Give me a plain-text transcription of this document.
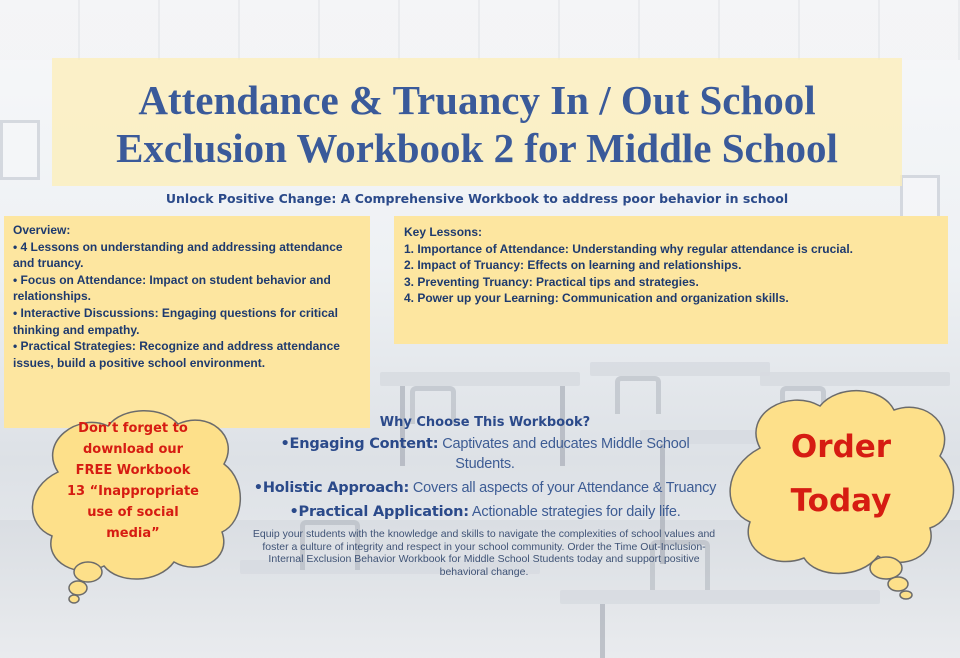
Attendance & Truancy In / Out School
Exclusion Workbook 2 for Middle School
Unlock Positive Change: A Comprehensive Workbook to address poor behavior in school

Overview:

• 4 Lessons on understanding and addressing attendance and truancy.

• Focus on Attendance: Impact on student behavior and relationships.

• Interactive Discussions: Engaging questions for critical thinking and empathy.

• Practical Strategies: Recognize and address attendance issues, build a positive school environment.

Key Lessons:

1. Importance of Attendance: Understanding why regular attendance is crucial.

2. Impact of Truancy: Effects on learning and relationships.

3. Preventing Truancy: Practical tips and strategies.

4. Power up your Learning: Communication and organization skills.

Why Choose This Workbook?
•Engaging Content: Captivates and educates Middle School Students.
•Holistic Approach: Covers all aspects of your Attendance & Truancy
•Practical Application: Actionable strategies for daily life.
Equip your students with the knowledge and skills to navigate the complexities of school values and foster a culture of integrity and respect in your school community. Order the Time Out-Inclusion- Internal Exclusion Behavior Workbook for Middle School Students today and support positive behavioral change.
Don’t forget to
download our
FREE Workbook
13 “Inappropriate
use of social
media”
Order
Today
